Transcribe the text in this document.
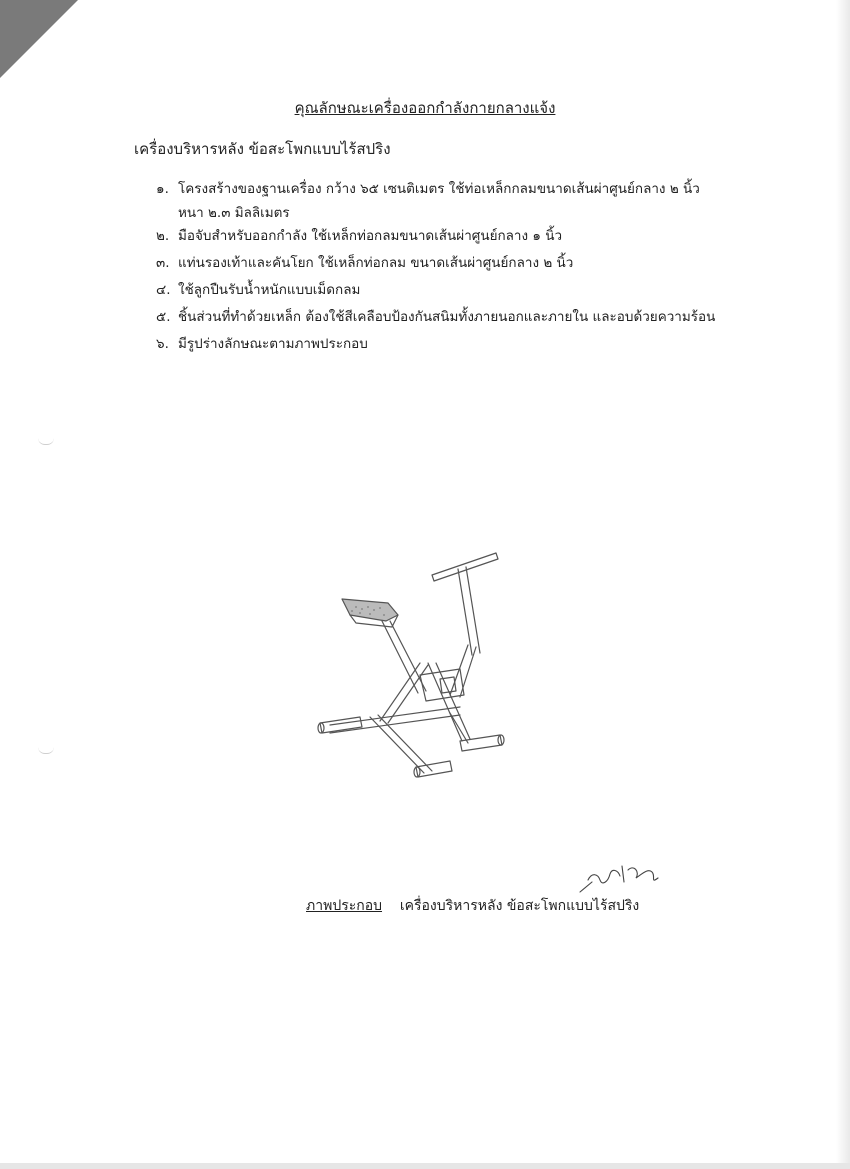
คุณลักษณะเครื่องออกกำลังกายกลางแจ้ง
เครื่องบริหารหลัง ข้อสะโพกแบบไร้สปริง
๑. โครงสร้างของฐานเครื่อง กว้าง ๖๕ เซนติเมตร ใช้ท่อเหล็กกลมขนาดเส้นผ่าศูนย์กลาง ๒ นิ้ว
หนา ๒.๓ มิลลิเมตร
๒. มือจับสำหรับออกกำลัง ใช้เหล็กท่อกลมขนาดเส้นผ่าศูนย์กลาง ๑ นิ้ว
๓. แท่นรองเท้าและคันโยก ใช้เหล็กท่อกลม ขนาดเส้นผ่าศูนย์กลาง ๒ นิ้ว
๔. ใช้ลูกปืนรับน้ำหนักแบบเม็ดกลม
๕. ชิ้นส่วนที่ทำด้วยเหล็ก ต้องใช้สีเคลือบป้องกันสนิมทั้งภายนอกและภายใน และอบด้วยความร้อน
๖. มีรูปร่างลักษณะตามภาพประกอบ
ภาพประกอบ เครื่องบริหารหลัง ข้อสะโพกแบบไร้สปริง
